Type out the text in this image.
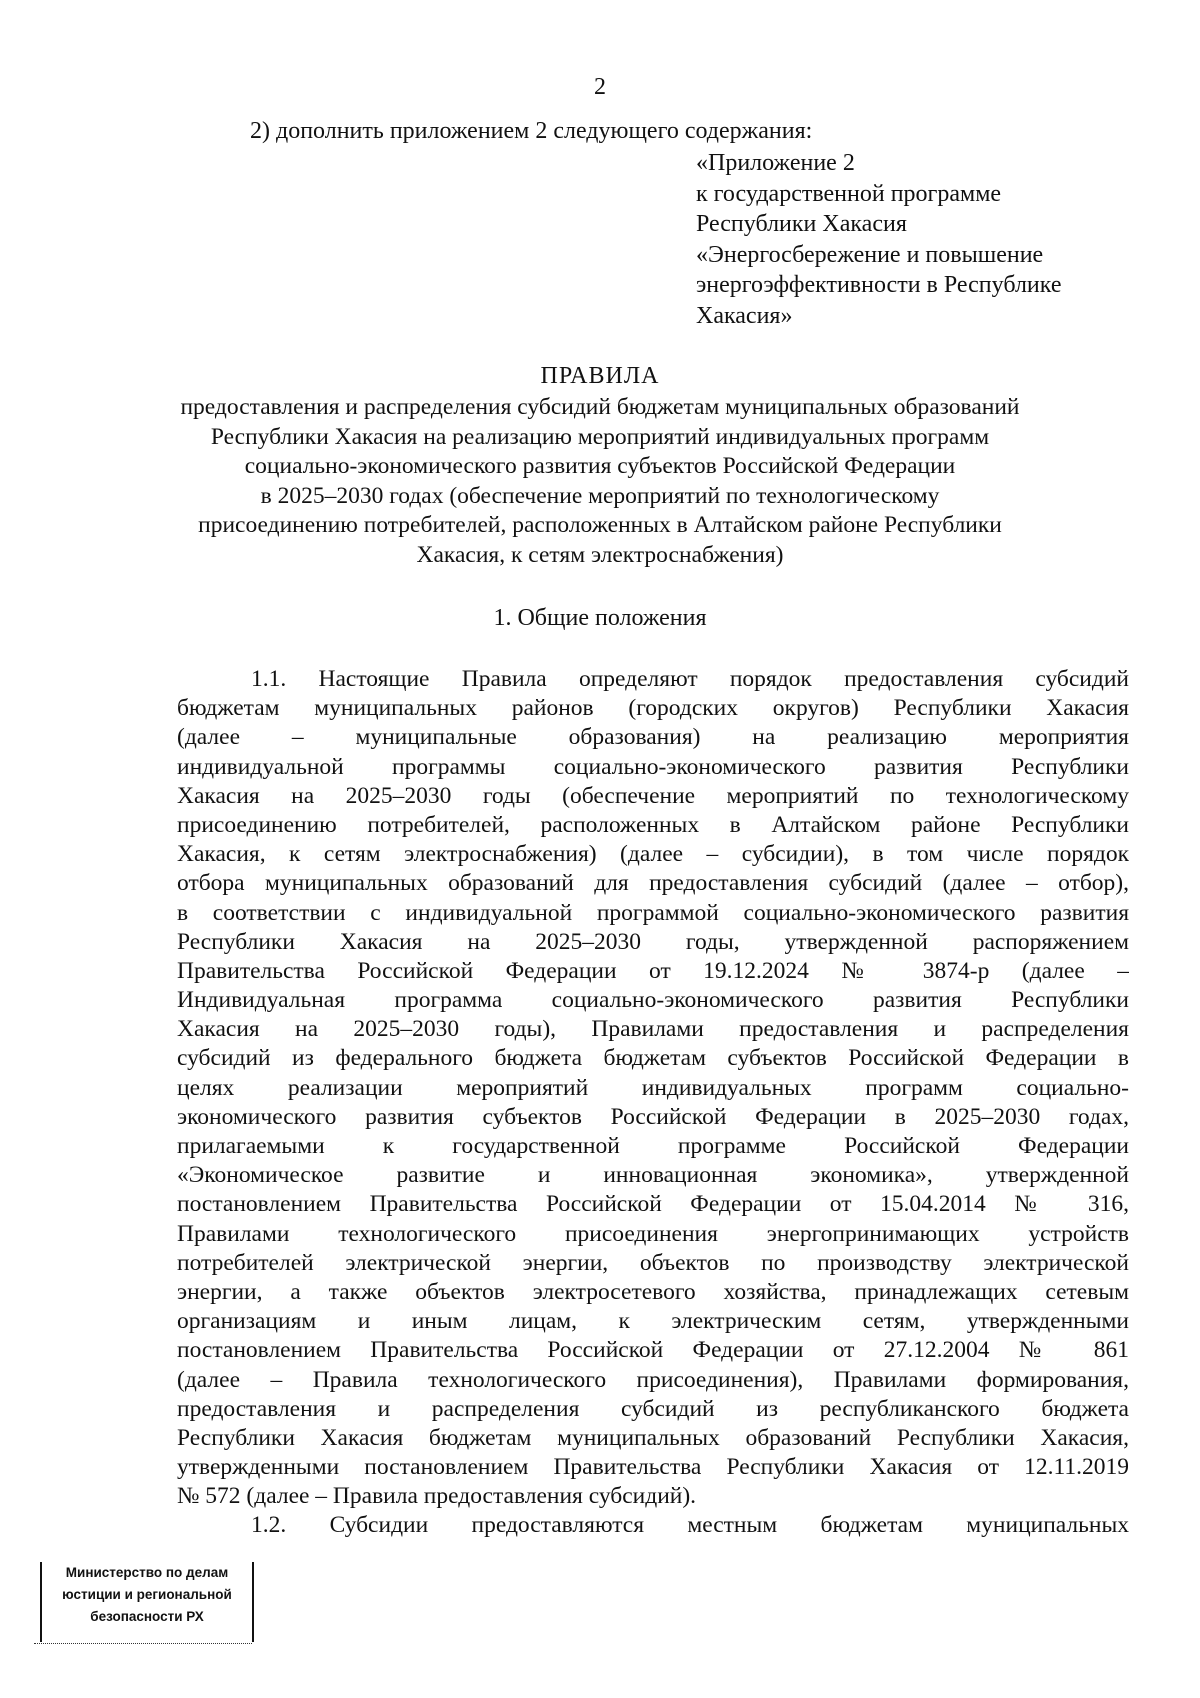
2
2) дополнить приложением 2 следующего содержания:
«Приложение 2
к государственной программе
Республики Хакасия
«Энергосбережение и повышение
энергоэффективности в Республике
Хакасия»
ПРАВИЛА
предоставления и распределения субсидий бюджетам муниципальных образований
Республики Хакасия на реализацию мероприятий индивидуальных программ
социально-экономического развития субъектов Российской Федерации
в 2025–2030 годах (обеспечение мероприятий по технологическому
присоединению потребителей, расположенных в Алтайском районе Республики
Хакасия, к сетям электроснабжения)
1. Общие положения
1.1. Настоящие Правила определяют порядок предоставления субсидий
бюджетам муниципальных районов (городских округов) Республики Хакасия
(далее – муниципальные образования) на реализацию мероприятия
индивидуальной программы социально-экономического развития Республики
Хакасия на 2025–2030 годы (обеспечение мероприятий по технологическому
присоединению потребителей, расположенных в Алтайском районе Республики
Хакасия, к сетям электроснабжения) (далее – субсидии), в том числе порядок
отбора муниципальных образований для предоставления субсидий (далее – отбор),
в соответствии с индивидуальной программой социально-экономического развития
Республики Хакасия на 2025–2030 годы, утвержденной распоряжением
Правительства Российской Федерации от 19.12.2024 № 3874-р (далее –
Индивидуальная программа социально-экономического развития Республики
Хакасия на 2025–2030 годы), Правилами предоставления и распределения
субсидий из федерального бюджета бюджетам субъектов Российской Федерации в
целях реализации мероприятий индивидуальных программ социально-
экономического развития субъектов Российской Федерации в 2025–2030 годах,
прилагаемыми к государственной программе Российской Федерации
«Экономическое развитие и инновационная экономика», утвержденной
постановлением Правительства Российской Федерации от 15.04.2014 № 316,
Правилами технологического присоединения энергопринимающих устройств
потребителей электрической энергии, объектов по производству электрической
энергии, а также объектов электросетевого хозяйства, принадлежащих сетевым
организациям и иным лицам, к электрическим сетям, утвержденными
постановлением Правительства Российской Федерации от 27.12.2004 № 861
(далее – Правила технологического присоединения), Правилами формирования,
предоставления и распределения субсидий из республиканского бюджета
Республики Хакасия бюджетам муниципальных образований Республики Хакасия,
утвержденными постановлением Правительства Республики Хакасия от 12.11.2019
№ 572 (далее – Правила предоставления субсидий).
1.2. Субсидии предоставляются местным бюджетам муниципальных
Министерство по делам
юстиции и региональной
безопасности РХ
